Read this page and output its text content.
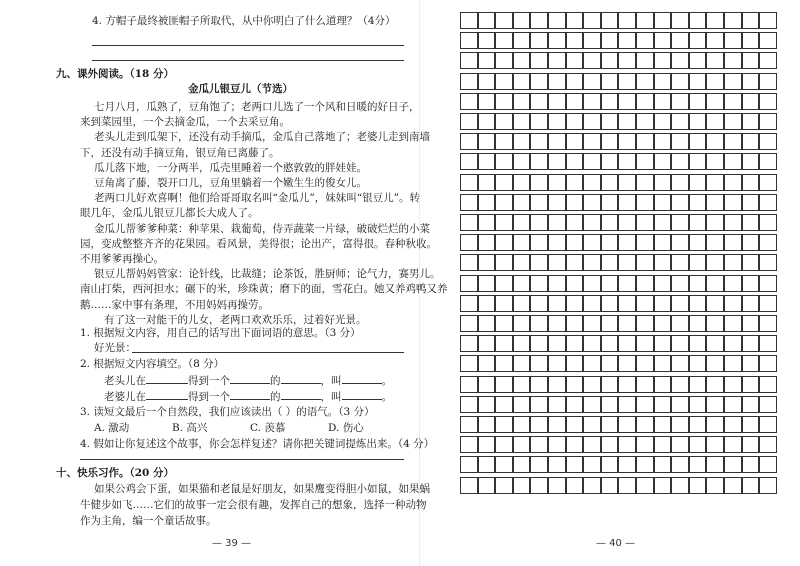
4. 方帽子最终被匪帽子所取代，从中你明白了什么道理？（4分）
九、课外阅读。（18 分）
金瓜儿银豆儿（节选）
七月八月，瓜熟了，豆角饱了；老两口儿选了一个风和日暖的好日子，
来到菜园里，一个去摘金瓜，一个去采豆角。
老头儿走到瓜架下，还没有动手摘瓜，金瓜自己落地了；老婆儿走到南墙
下，还没有动手摘豆角，银豆角已离藤了。
瓜儿落下地，一分两半，瓜壳里睡着一个憨敦敦的胖娃娃。
豆角离了藤，裂开口儿，豆角里躺着一个嫩生生的俊女儿。
老两口儿好欢喜啊！他们给哥哥取名叫“金瓜儿”，妹妹叫“银豆儿”。转
眼几年，金瓜儿银豆儿都长大成人了。
金瓜儿帮爹爹种菜：种苹果、栽葡萄，侍弄蔬菜一片绿，破破烂烂的小菜
园，变成整整齐齐的花果园。看风景，美得很；论出产，富得很。春种秋收。
不用爹爹再操心。
银豆儿帮妈妈管家：论针线，比裁缝；论茶饭，胜厨师；论气力，赛男儿。
南山打柴，西河担水；碾下的米，珍珠黄；磨下的面，雪花白。她又养鸡鸭又养
鹅……家中事有条理，不用妈妈再操劳。
有了这一对能干的儿女，老两口欢欢乐乐，过着好光景。
1. 根据短文内容，用自己的话写出下面词语的意思。（3 分）
好光景：
2. 根据短文内容填空。（8 分）
老头儿在	得到一个	的	，叫	。
老婆儿在	得到一个	的	，叫	。
3. 读短文最后一个自然段，我们应该读出（ ）的语气。（3 分）
A. 激动	B. 高兴	C. 羡慕	D. 伤心
4. 假如让你复述这个故事，你会怎样复述？请你把关键词提炼出来。（4 分）
十、快乐习作。（20 分）
如果公鸡会下蛋，如果猫和老鼠是好朋友，如果鹰变得胆小如鼠，如果蜗
牛健步如飞……它们的故事一定会很有趣，发挥自己的想象，选择一种动物
作为主角，编一个童话故事。
— 39 —	— 40 —
